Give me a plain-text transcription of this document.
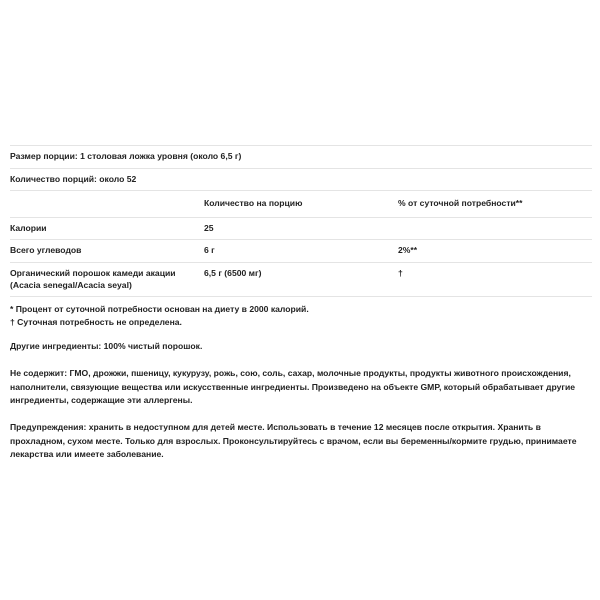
Размер порции: 1 столовая ложка уровня (около 6,5 г)		
Количество порций: около 52		
	Количество на порцию	% от суточной потребности**
Калории	25	
Всего углеводов	6 г	2%**
Органический порошок камеди акации (Acacia senegal/Acacia seyal)	6,5 г (6500 мг)	†
* Процент от суточной потребности основан на диету в 2000 калорий.
† Суточная потребность не определена.

Другие ингредиенты: 100% чистый порошок.

Не содержит: ГМО, дрожжи, пшеницу, кукурузу, рожь, сою, соль, сахар, молочные продукты, продукты животного происхождения, наполнители, связующие вещества или искусственные ингредиенты. Произведено на объекте GMP, который обрабатывает другие ингредиенты, содержащие эти аллергены.

Предупреждения: хранить в недоступном для детей месте. Использовать в течение 12 месяцев после открытия. Хранить в прохладном, сухом месте. Только для взрослых. Проконсультируйтесь с врачом, если вы беременны/кормите грудью, принимаете лекарства или имеете заболевание.
